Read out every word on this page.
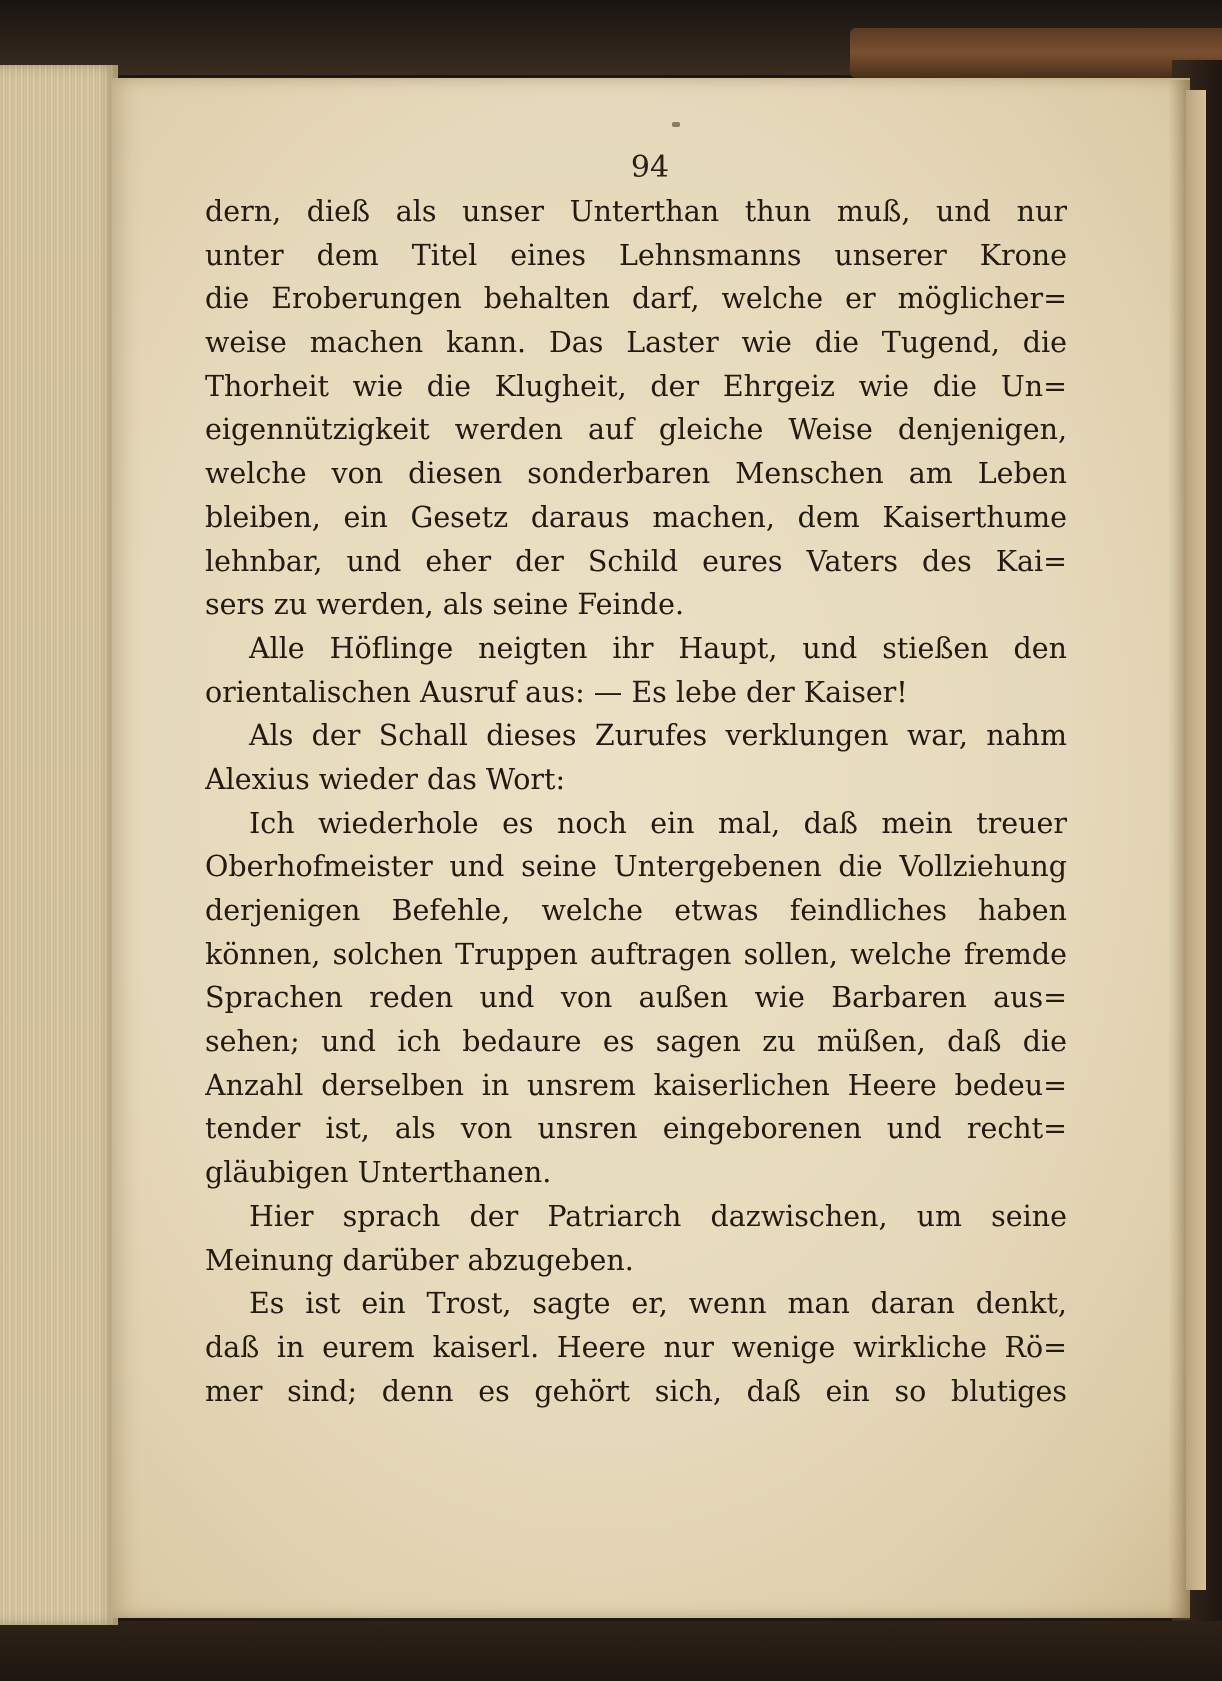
94
dern, dieß als unser Unterthan thun muß, und nur
unter dem Titel eines Lehnsmanns unserer Krone
die Eroberungen behalten darf, welche er möglicher=
weise machen kann. Das Laster wie die Tugend, die
Thorheit wie die Klugheit, der Ehrgeiz wie die Un=
eigennützigkeit werden auf gleiche Weise denjenigen,
welche von diesen sonderbaren Menschen am Leben
bleiben, ein Gesetz daraus machen, dem Kaiserthume
lehnbar, und eher der Schild eures Vaters des Kai=
sers zu werden, als seine Feinde.
Alle Höflinge neigten ihr Haupt, und stießen den
orientalischen Ausruf aus: — Es lebe der Kaiser!
Als der Schall dieses Zurufes verklungen war, nahm
Alexius wieder das Wort:
Ich wiederhole es noch ein mal, daß mein treuer
Oberhofmeister und seine Untergebenen die Vollziehung
derjenigen Befehle, welche etwas feindliches haben
können, solchen Truppen auftragen sollen, welche fremde
Sprachen reden und von außen wie Barbaren aus=
sehen; und ich bedaure es sagen zu müßen, daß die
Anzahl derselben in unsrem kaiserlichen Heere bedeu=
tender ist, als von unsren eingeborenen und recht=
gläubigen Unterthanen.
Hier sprach der Patriarch dazwischen, um seine
Meinung darüber abzugeben.
Es ist ein Trost, sagte er, wenn man daran denkt,
daß in eurem kaiserl. Heere nur wenige wirkliche Rö=
mer sind; denn es gehört sich, daß ein so blutiges
